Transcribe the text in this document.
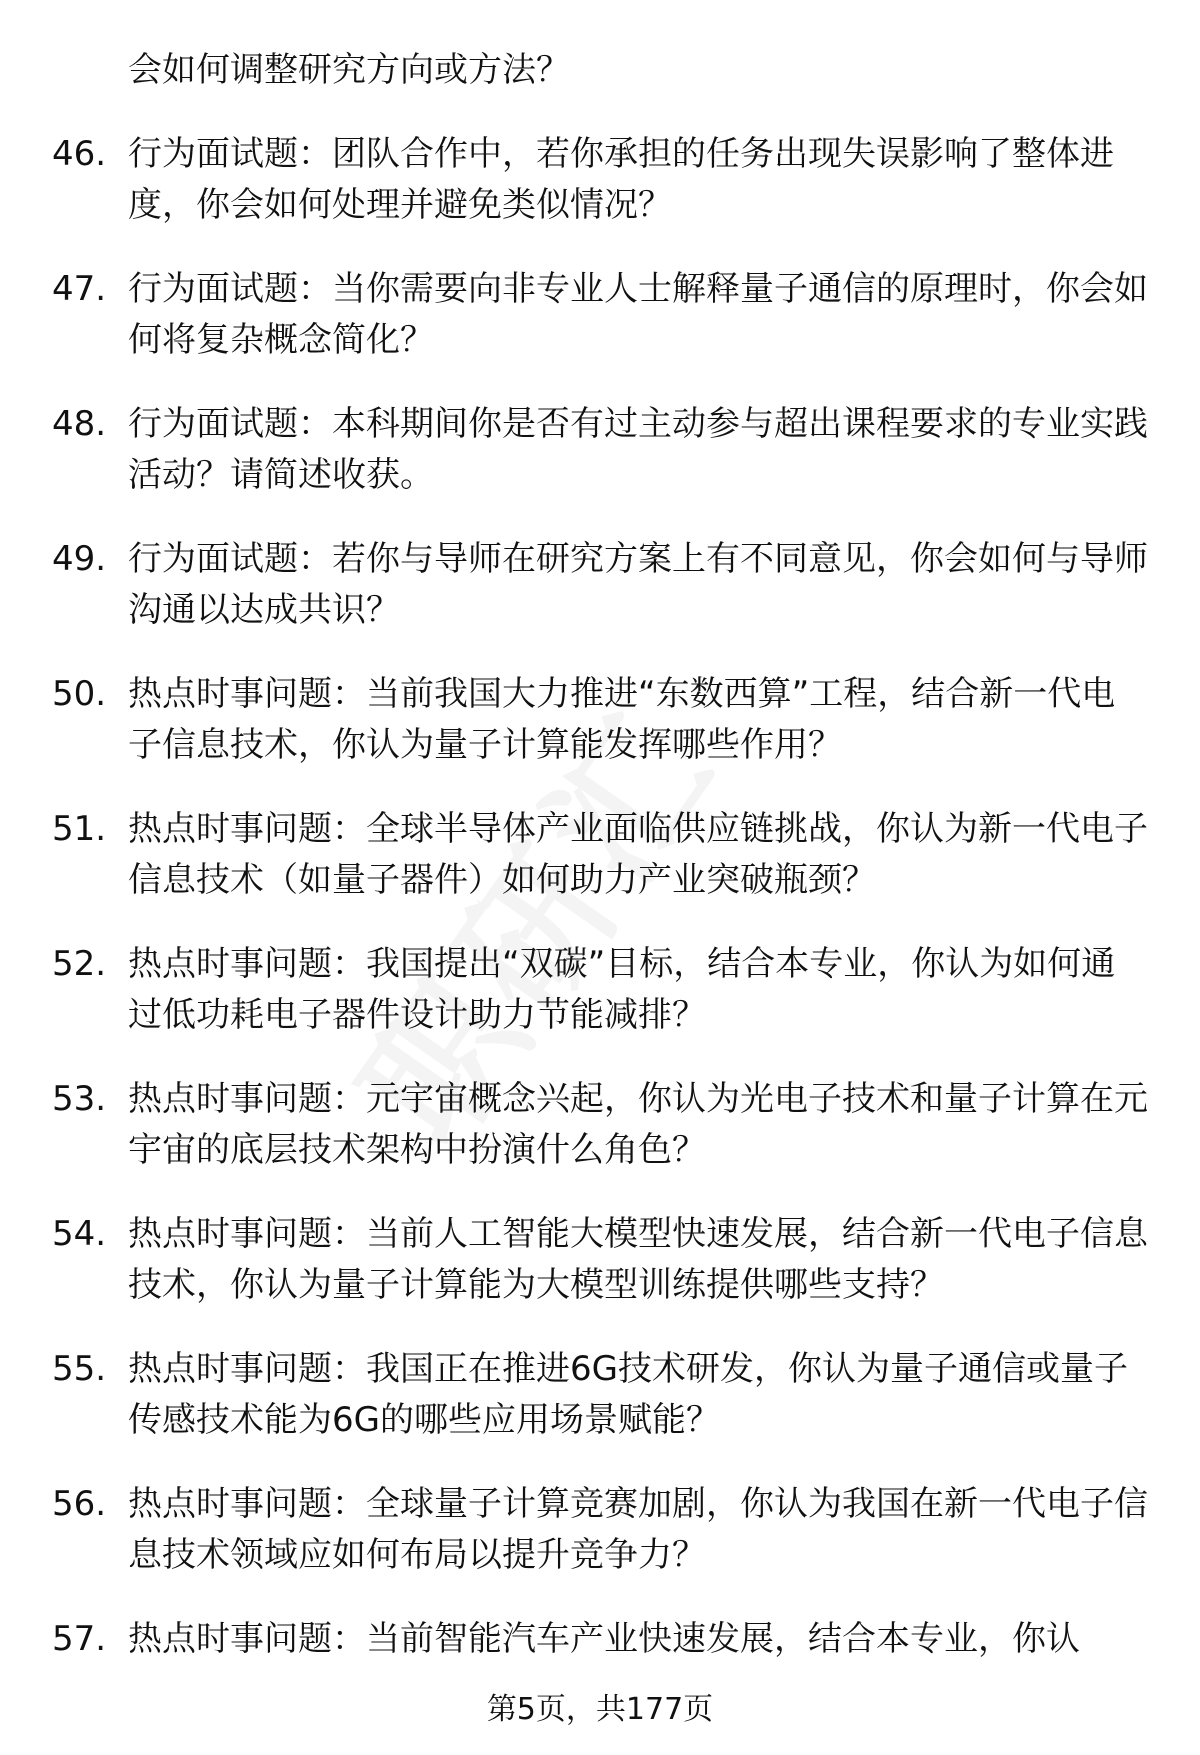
会如何调整研究方向或方法？
46. 行为面试题：团队合作中，若你承担的任务出现失误影响了整体进度，你会如何处理并避免类似情况？
47. 行为面试题：当你需要向非专业人士解释量子通信的原理时，你会如何将复杂概念简化？
48. 行为面试题：本科期间你是否有过主动参与超出课程要求的专业实践活动？请简述收获。
49. 行为面试题：若你与导师在研究方案上有不同意见，你会如何与导师沟通以达成共识？
50. 热点时事问题：当前我国大力推进“东数西算”工程，结合新一代电子信息技术，你认为量子计算能发挥哪些作用？
51. 热点时事问题：全球半导体产业面临供应链挑战，你认为新一代电子信息技术（如量子器件）如何助力产业突破瓶颈？
52. 热点时事问题：我国提出“双碳”目标，结合本专业，你认为如何通过低功耗电子器件设计助力节能减排？
53. 热点时事问题：元宇宙概念兴起，你认为光电子技术和量子计算在元宇宙的底层技术架构中扮演什么角色？
54. 热点时事问题：当前人工智能大模型快速发展，结合新一代电子信息技术，你认为量子计算能为大模型训练提供哪些支持？
55. 热点时事问题：我国正在推进6G技术研发，你认为量子通信或量子传感技术能为6G的哪些应用场景赋能？
56. 热点时事问题：全球量子计算竞赛加剧，你认为我国在新一代电子信息技术领域应如何布局以提升竞争力？
57. 热点时事问题：当前智能汽车产业快速发展，结合本专业，你认
第5页，共177页
